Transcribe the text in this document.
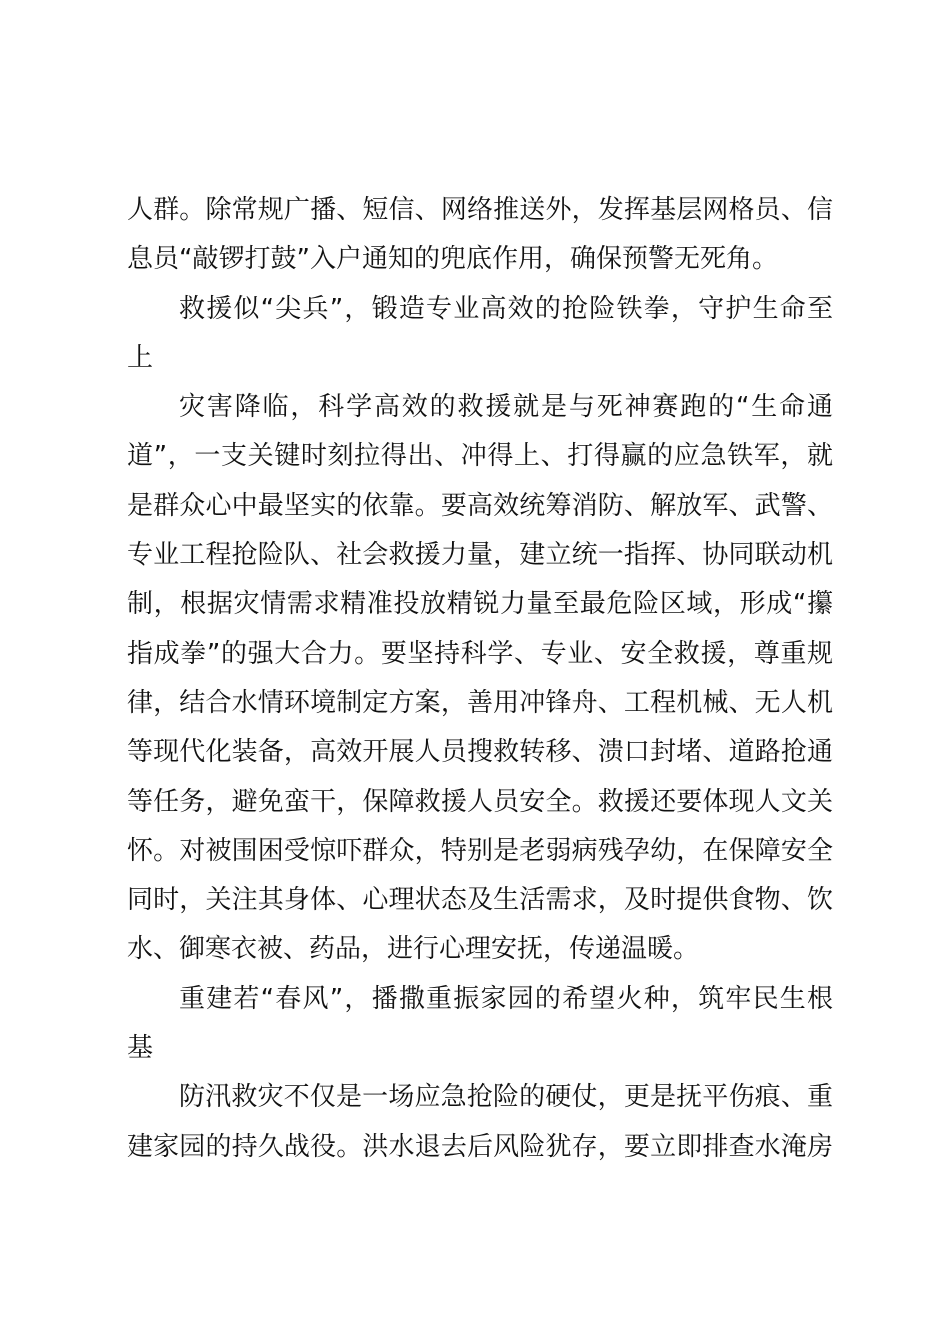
人群。除常规广播、短信、网络推送外，发挥基层网格员、信
息员“敲锣打鼓”入户通知的兜底作用，确保预警无死角。
救援似“尖兵”，锻造专业高效的抢险铁拳，守护生命至
上
灾害降临，科学高效的救援就是与死神赛跑的“生命通
道”，一支关键时刻拉得出、冲得上、打得赢的应急铁军，就
是群众心中最坚实的依靠。要高效统筹消防、解放军、武警、
专业工程抢险队、社会救援力量，建立统一指挥、协同联动机
制，根据灾情需求精准投放精锐力量至最危险区域，形成“攥
指成拳”的强大合力。要坚持科学、专业、安全救援，尊重规
律，结合水情环境制定方案，善用冲锋舟、工程机械、无人机
等现代化装备，高效开展人员搜救转移、溃口封堵、道路抢通
等任务，避免蛮干，保障救援人员安全。救援还要体现人文关
怀。对被围困受惊吓群众，特别是老弱病残孕幼，在保障安全
同时，关注其身体、心理状态及生活需求，及时提供食物、饮
水、御寒衣被、药品，进行心理安抚，传递温暖。
重建若“春风”，播撒重振家园的希望火种，筑牢民生根
基
防汛救灾不仅是一场应急抢险的硬仗，更是抚平伤痕、重
建家园的持久战役。洪水退去后风险犹存，要立即排查水淹房
